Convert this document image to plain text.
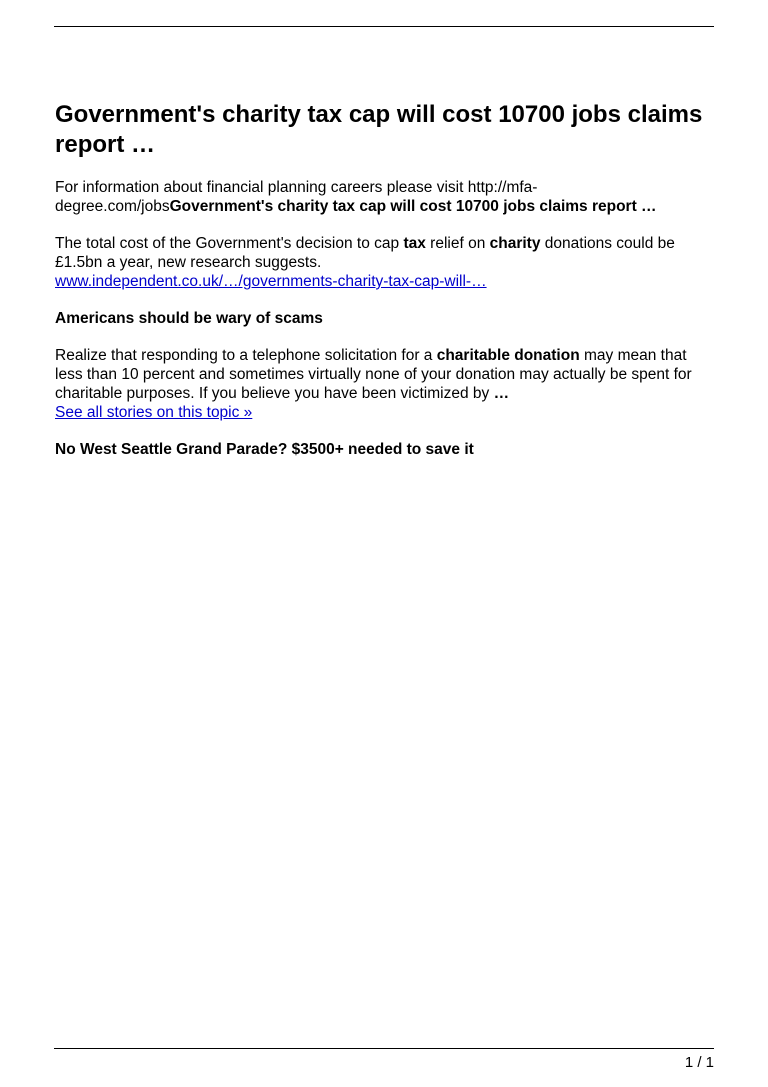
Government's charity tax cap will cost 10700 jobs claims report …

For information about financial planning careers please visit http://mfa-degree.com/jobsGovernment's charity tax cap will cost 10700 jobs claims report …

The total cost of the Government's decision to cap tax relief on charity donations could be £1.5bn a year, new research suggests.
www.independent.co.uk/…/governments-charity-tax-cap-will-…

Americans should be wary of scams

Realize that responding to a telephone solicitation for a charitable donation may mean that less than 10 percent and sometimes virtually none of your donation may actually be spent for charitable purposes. If you believe you have been victimized by …
See all stories on this topic »

No West Seattle Grand Parade? $3500+ needed to save it

1 / 1
